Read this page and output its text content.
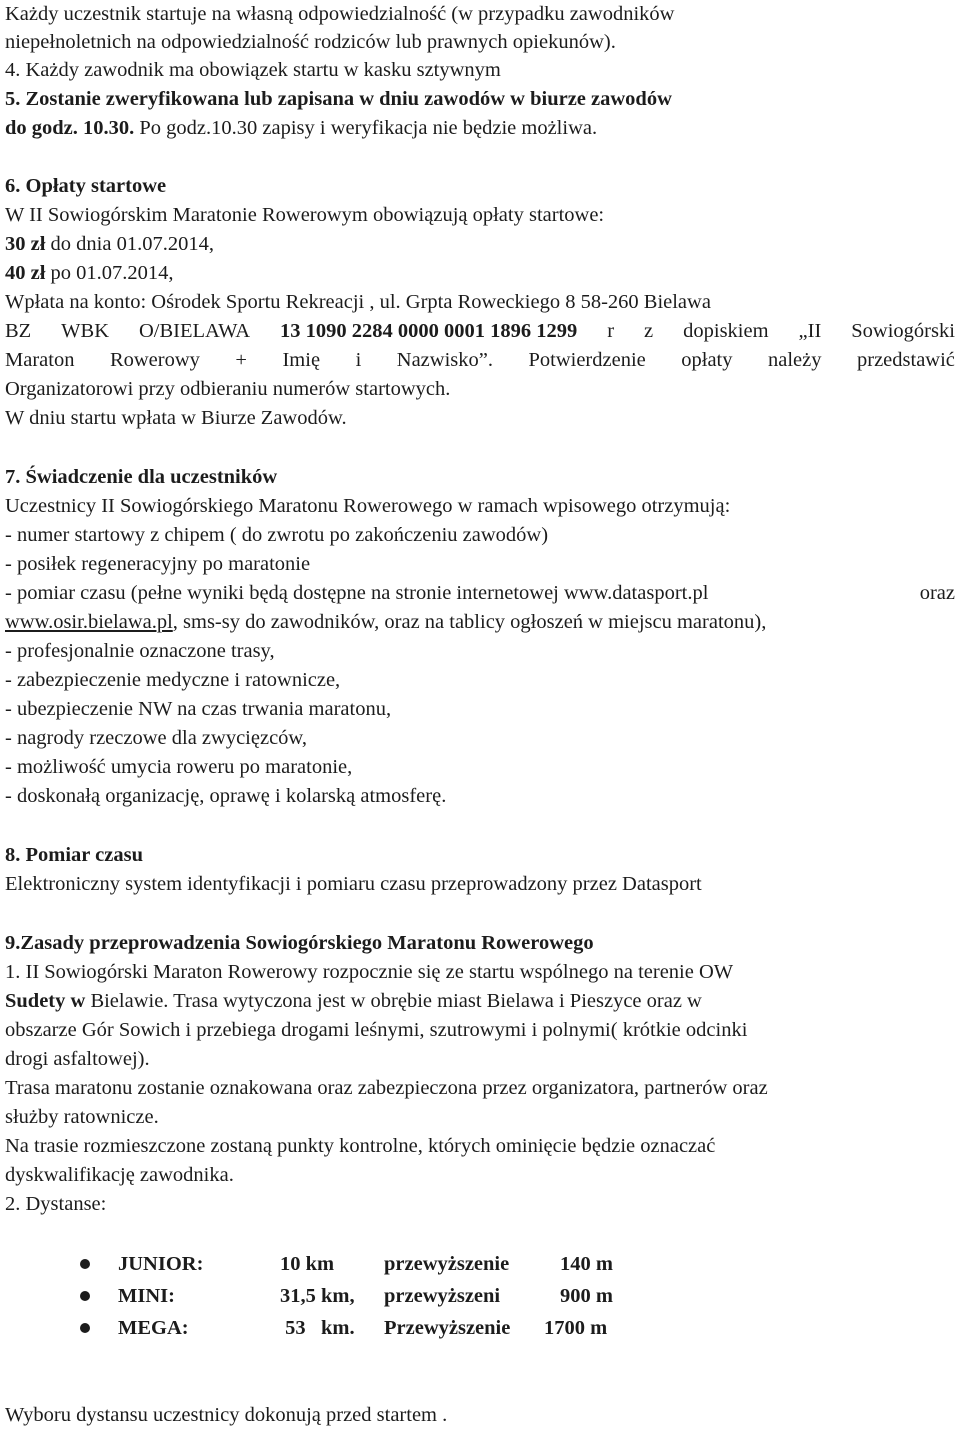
Każdy uczestnik startuje na własną odpowiedzialność (w przypadku zawodników
niepełnoletnich na odpowiedzialność rodziców lub prawnych opiekunów).
4. Każdy zawodnik ma obowiązek startu w kasku sztywnym
5. Zostanie zweryfikowana lub zapisana w dniu zawodów w biurze zawodów
do godz. 10.30. Po godz.10.30 zapisy i weryfikacja nie będzie możliwa.
6. Opłaty startowe
W II Sowiogórskim Maratonie Rowerowym obowiązują opłaty startowe:
30 zł do dnia 01.07.2014,
40 zł po 01.07.2014,
Wpłata na konto: Ośrodek Sportu Rekreacji , ul. Grpta Roweckiego 8 58-260 Bielawa
BZ WBK O/BIELAWA 13 1090 2284 0000 0001 1896 1299 r z dopiskiem „II Sowiogórski
Maraton Rowerowy + Imię i Nazwisko”. Potwierdzenie opłaty należy przedstawić
Organizatorowi przy odbieraniu numerów startowych.
W dniu startu wpłata w Biurze Zawodów.
7. Świadczenie dla uczestników
Uczestnicy II Sowiogórskiego Maratonu Rowerowego w ramach wpisowego otrzymują:
- numer startowy z chipem ( do zwrotu po zakończeniu zawodów)
- posiłek regeneracyjny po maratonie
- pomiar czasu (pełne wyniki będą dostępne na stronie internetowej www.datasport.pl	oraz
www.osir.bielawa.pl, sms-sy do zawodników, oraz na tablicy ogłoszeń w miejscu maratonu),
- profesjonalnie oznaczone trasy,
- zabezpieczenie medyczne i ratownicze,
- ubezpieczenie NW na czas trwania maratonu,
- nagrody rzeczowe dla zwycięzców,
- możliwość umycia roweru po maratonie,
- doskonałą organizację, oprawę i kolarską atmosferę.
8. Pomiar czasu
Elektroniczny system identyfikacji i pomiaru czasu przeprowadzony przez Datasport
9.Zasady przeprowadzenia Sowiogórskiego Maratonu Rowerowego
1. II Sowiogórski Maraton Rowerowy rozpocznie się ze startu wspólnego na terenie OW
Sudety w Bielawie. Trasa wytyczona jest w obrębie miast Bielawa i Pieszyce oraz w
obszarze Gór Sowich i przebiega drogami leśnymi, szutrowymi i polnymi( krótkie odcinki
drogi asfaltowej).
Trasa maratonu zostanie oznakowana oraz zabezpieczona przez organizatora, partnerów oraz
służby ratownicze.
Na trasie rozmieszczone zostaną punkty kontrolne, których ominięcie będzie oznaczać
dyskwalifikację zawodnika.
2. Dystanse:
JUNIOR:	10 km przewyższenie 140 m
MINI:	31,5 km, przewyższeni	900 m
MEGA:	53   km. Przewyższenie 1700 m
Wyboru dystansu uczestnicy dokonują przed startem .
